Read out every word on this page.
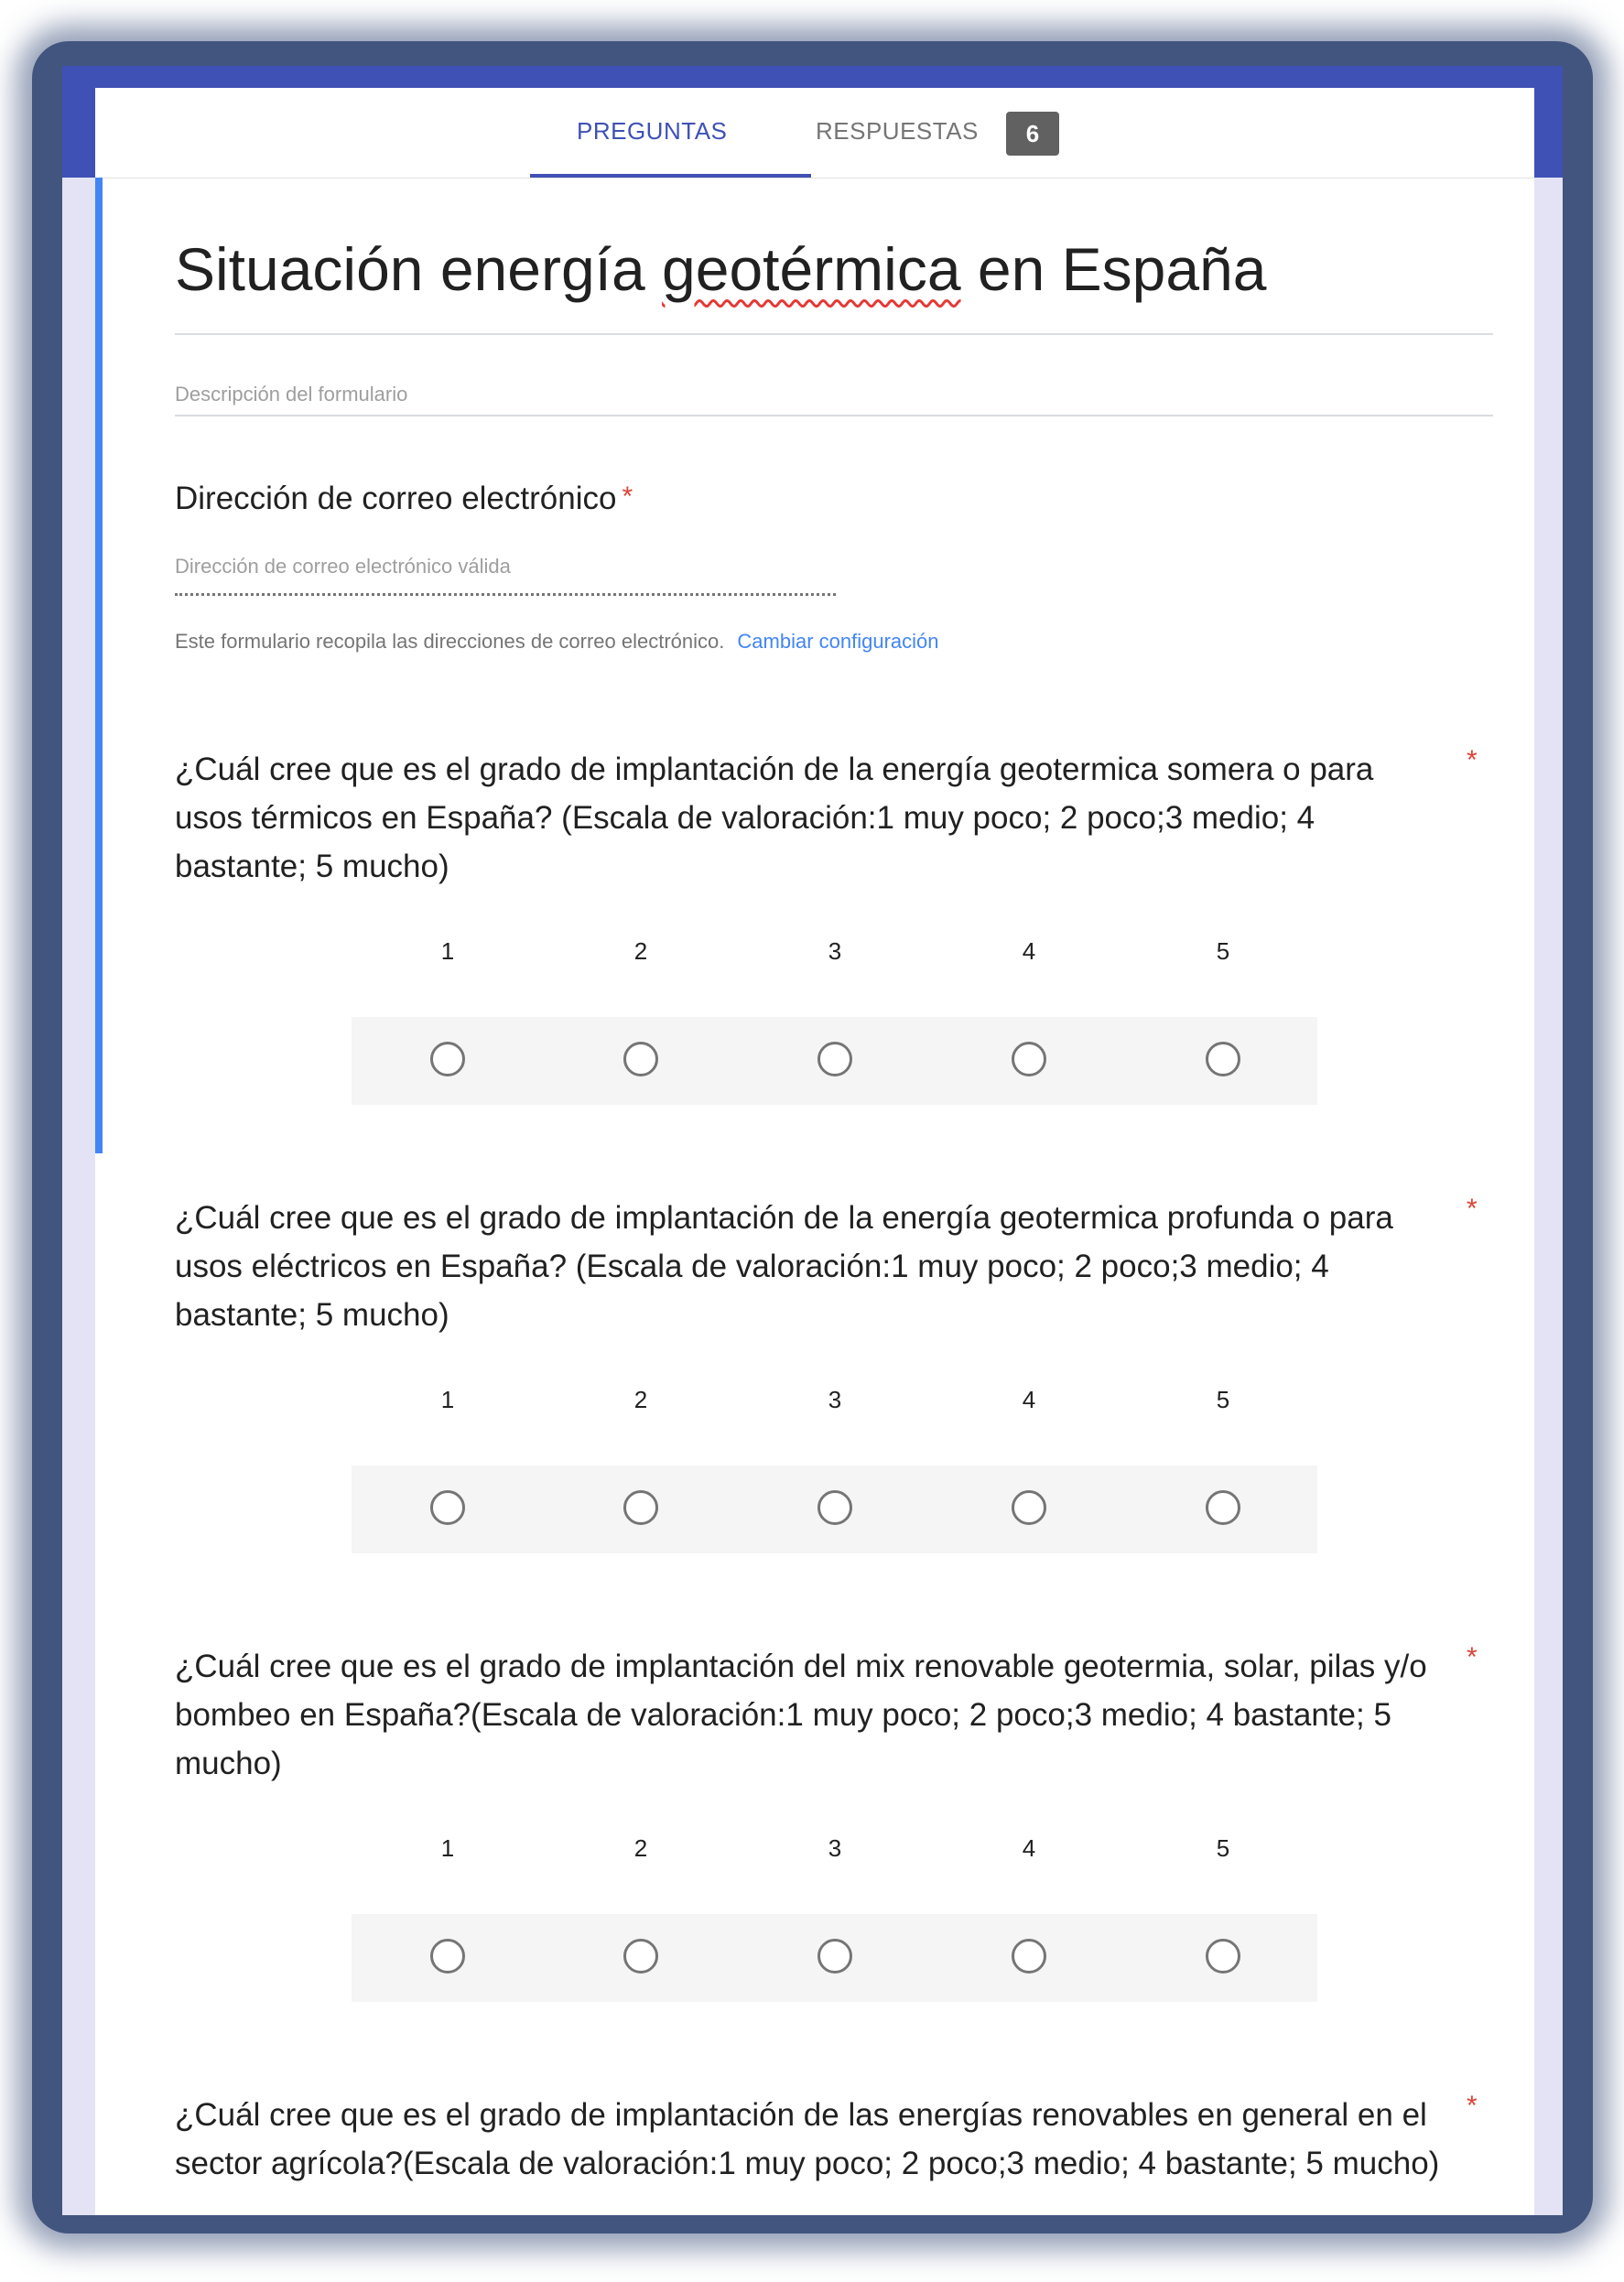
PREGUNTAS	RESPUESTAS	6
Situación energía geotérmica en España
Descripción del formulario
Dirección de correo electrónico *
Dirección de correo electrónico válida
Este formulario recopila las direcciones de correo electrónico. Cambiar configuración
¿Cuál cree que es el grado de implantación de la energía geotermica somera o para usos térmicos en España? (Escala de valoración:1 muy poco; 2 poco;3 medio; 4 bastante; 5 mucho)
*
1	2	3	4	5
¿Cuál cree que es el grado de implantación de la energía geotermica profunda o para usos eléctricos en España? (Escala de valoración:1 muy poco; 2 poco;3 medio; 4 bastante; 5 mucho)
*
1	2	3	4	5
¿Cuál cree que es el grado de implantación del mix renovable geotermia, solar, pilas y/o bombeo en España?(Escala de valoración:1 muy poco; 2 poco;3 medio; 4 bastante; 5 mucho)
*
1	2	3	4	5
¿Cuál cree que es el grado de implantación de las energías renovables en general en el sector agrícola?(Escala de valoración:1 muy poco; 2 poco;3 medio; 4 bastante; 5 mucho)
*
